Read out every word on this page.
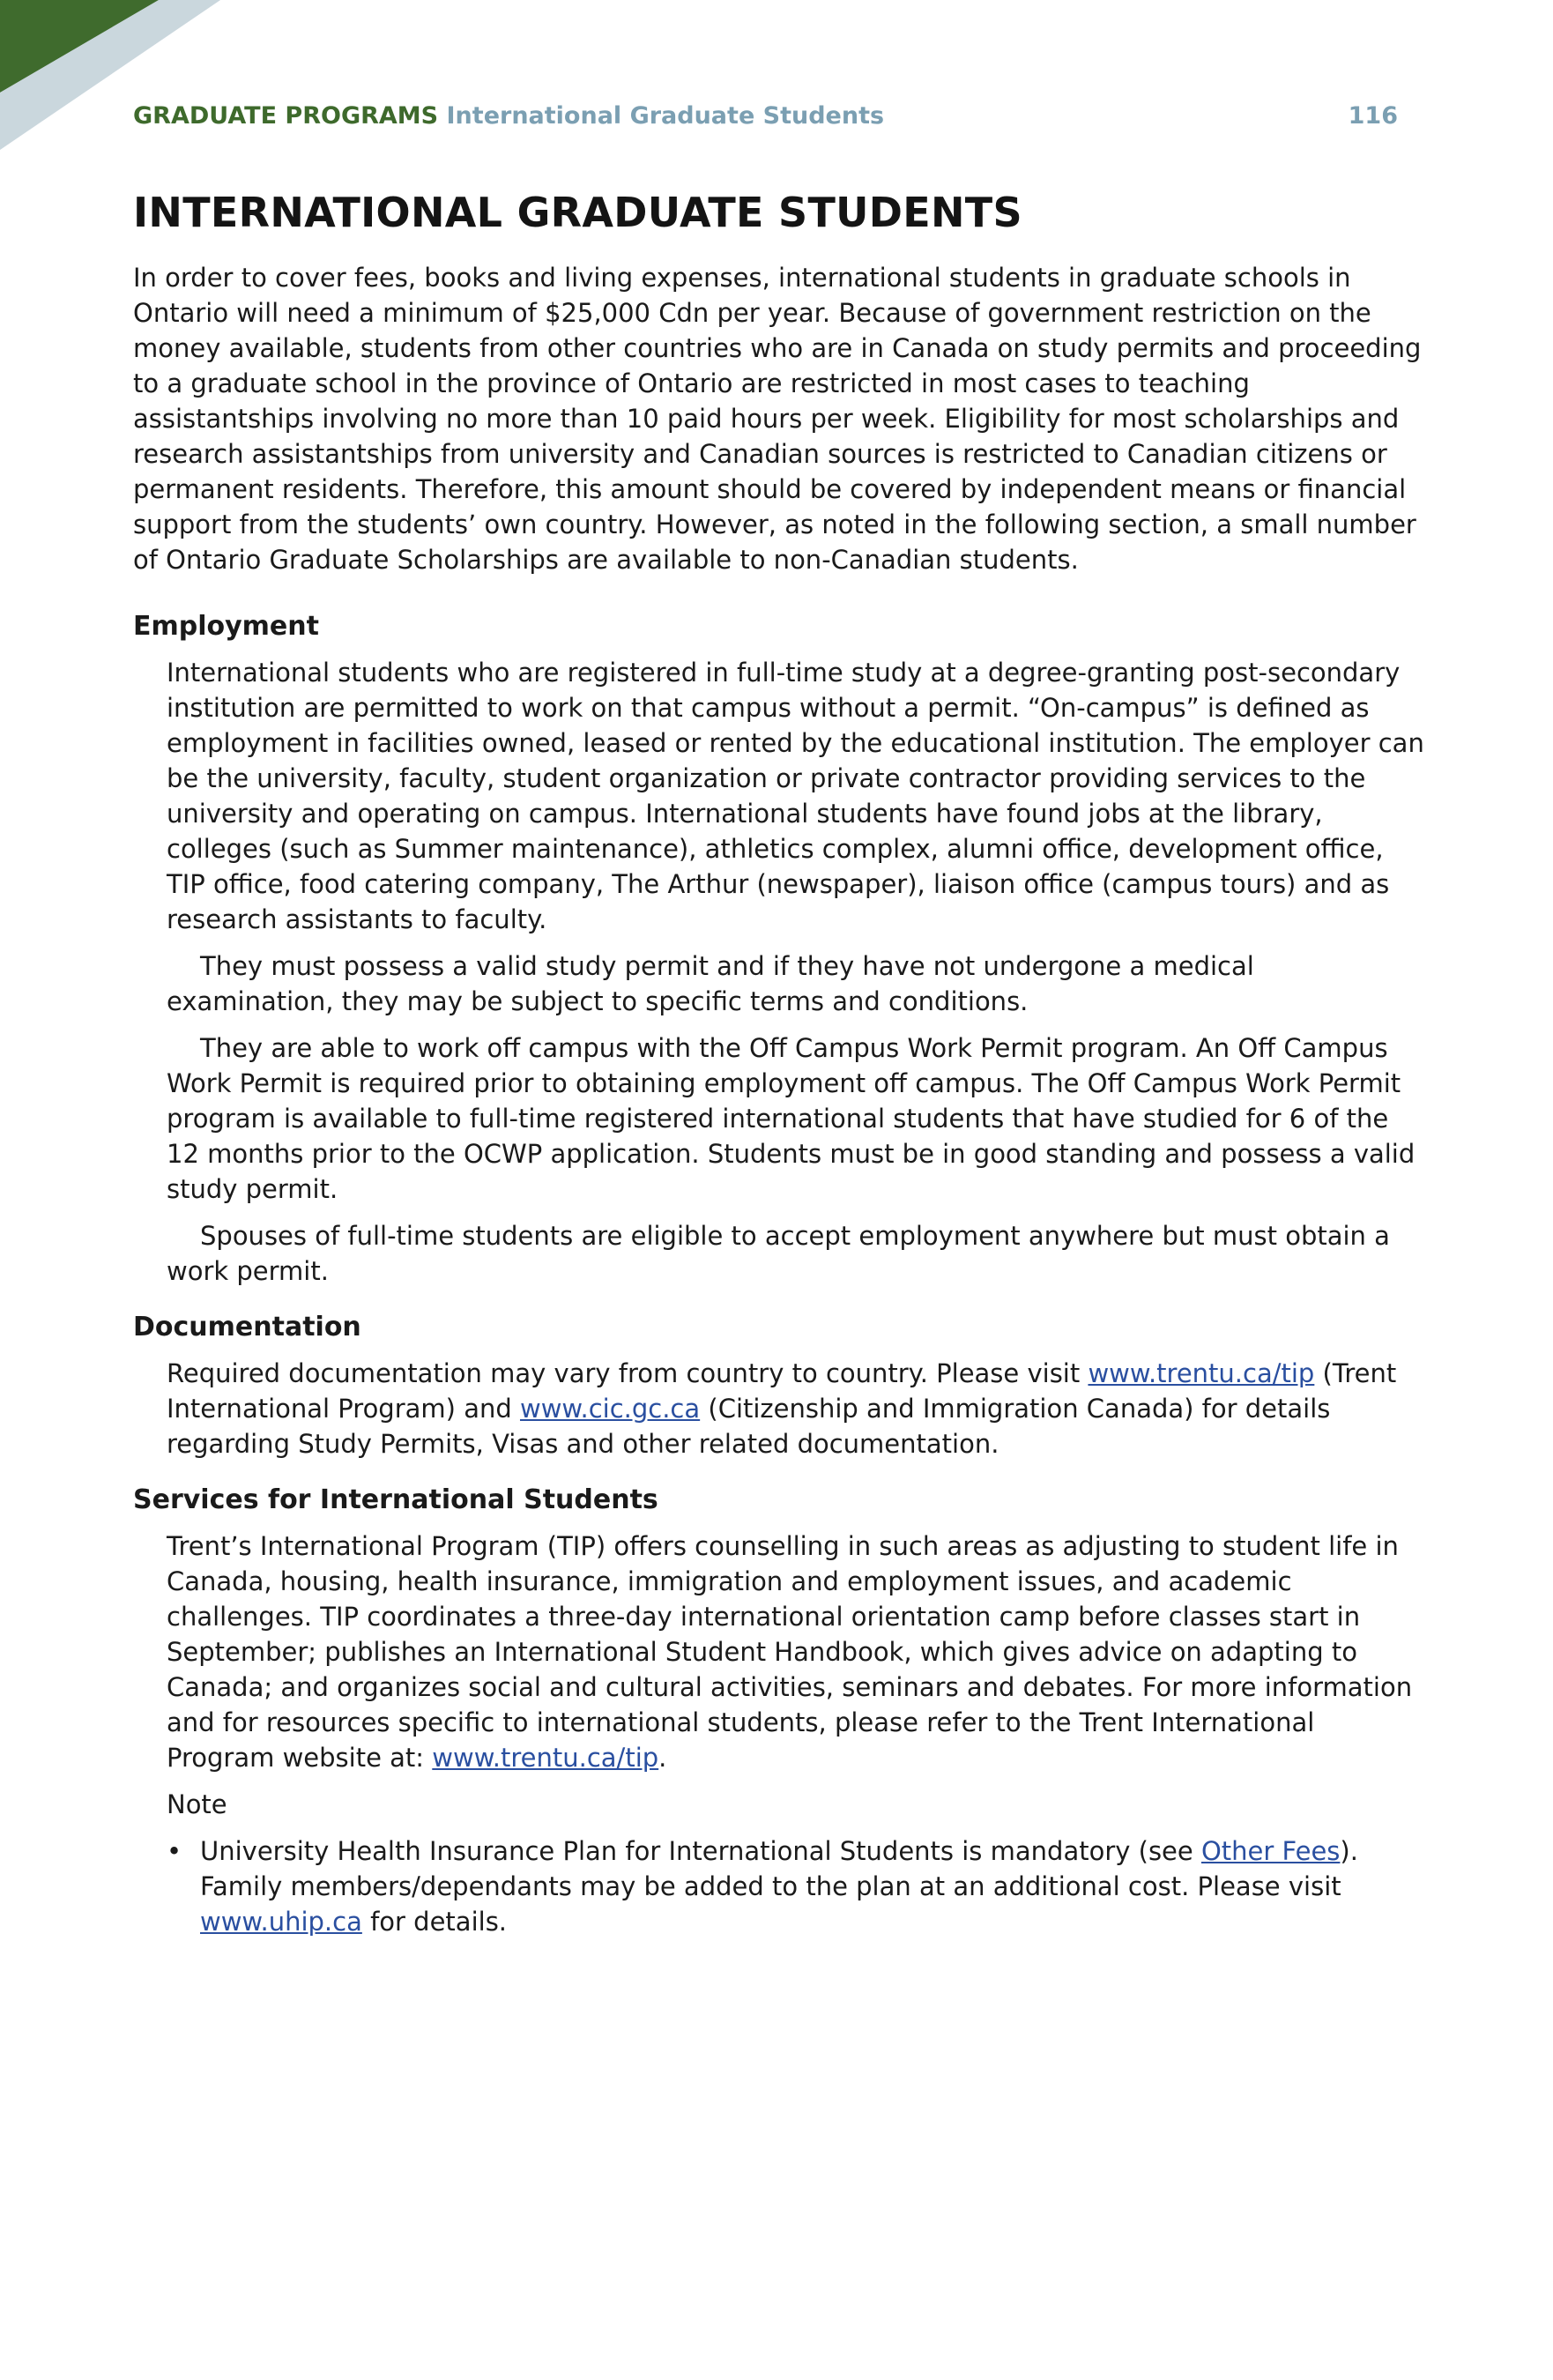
GRADUATE PROGRAMS International Graduate Students	116
INTERNATIONAL GRADUATE STUDENTS

In order to cover fees, books and living expenses, international students in graduate schools in Ontario will need a minimum of $25,000 Cdn per year. Because of government restriction on the money available, students from other countries who are in Canada on study permits and proceeding to a graduate school in the province of Ontario are restricted in most cases to teaching assistantships involving no more than 10 paid hours per week. Eligibility for most scholarships and research assistantships from university and Canadian sources is restricted to Canadian citizens or permanent residents. Therefore, this amount should be covered by independent means or financial support from the students’ own country. However, as noted in the following section, a small number of Ontario Graduate Scholarships are available to non-Canadian students.

Employment

International students who are registered in full-time study at a degree-granting post-secondary institution are permitted to work on that campus without a permit. “On-campus” is defined as employment in facilities owned, leased or rented by the educational institution. The employer can be the university, faculty, student organization or private contractor providing services to the university and operating on campus. International students have found jobs at the library, colleges (such as Summer maintenance), athletics complex, alumni office, development office, TIP office, food catering company, The Arthur (newspaper), liaison office (campus tours) and as research assistants to faculty.

They must possess a valid study permit and if they have not undergone a medical examination, they may be subject to specific terms and conditions.

They are able to work off campus with the Off Campus Work Permit program. An Off Campus Work Permit is required prior to obtaining employment off campus. The Off Campus Work Permit program is available to full-time registered international students that have studied for 6 of the 12 months prior to the OCWP application. Students must be in good standing and possess a valid study permit.

Spouses of full-time students are eligible to accept employment anywhere but must obtain a work permit.

Documentation

Required documentation may vary from country to country. Please visit www.trentu.ca/tip (Trent International Program) and www.cic.gc.ca (Citizenship and Immigration Canada) for details regarding Study Permits, Visas and other related documentation.

Services for International Students

Trent’s International Program (TIP) offers counselling in such areas as adjusting to student life in Canada, housing, health insurance, immigration and employment issues, and academic challenges. TIP coordinates a three-day international orientation camp before classes start in September; publishes an International Student Handbook, which gives advice on adapting to Canada; and organizes social and cultural activities, seminars and debates. For more information and for resources specific to international students, please refer to the Trent International Program website at: www.trentu.ca/tip.

Note

• University Health Insurance Plan for International Students is mandatory (see Other Fees). Family members/dependants may be added to the plan at an additional cost. Please visit www.uhip.ca for details.
